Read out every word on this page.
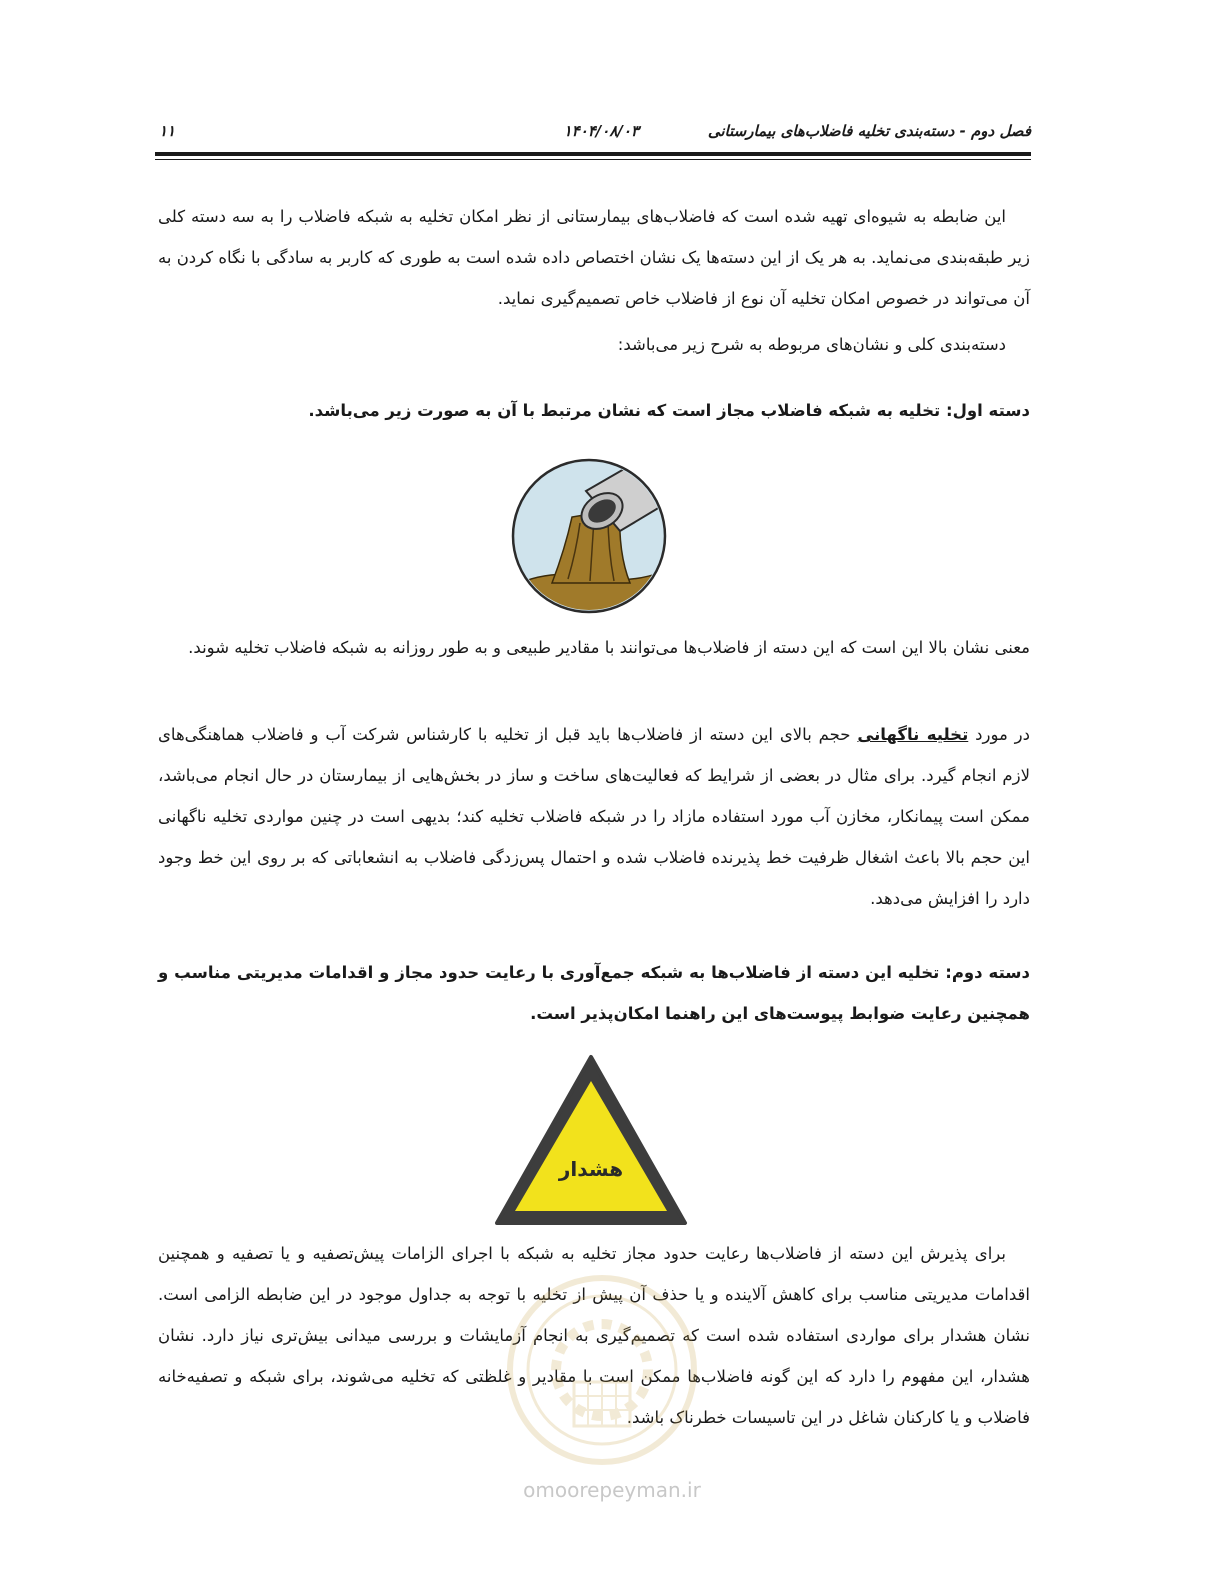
فصل دوم - دسته‌بندی تخلیه فاضلاب‌های بیمارستانی
۱۴۰۴/۰۸/۰۳
۱۱

این ضابطه به شیوه‌ای تهیه شده است که فاضلاب‌های بیمارستانی از نظر امکان تخلیه به شبکه فاضلاب را به سه دسته کلی زیر طبقه‌بندی می‌نماید. به هر یک از این دسته‌ها یک نشان اختصاص داده شده است به طوری که کاربر به سادگی با نگاه کردن به آن می‌تواند در خصوص امکان تخلیه آن نوع از فاضلاب خاص تصمیم‌گیری نماید.

دسته‌بندی کلی و نشان‌های مربوطه به شرح زیر می‌باشد:

دسته اول: تخلیه به شبکه فاضلاب مجاز است که نشان مرتبط با آن به صورت زیر می‌باشد.

معنی نشان بالا این است که این دسته از فاضلاب‌ها می‌توانند با مقادیر طبیعی و به طور روزانه به شبکه فاضلاب تخلیه شوند.

در مورد تخلیه ناگهانی حجم بالای این دسته از فاضلاب‌ها باید قبل از تخلیه با کارشناس شرکت آب و فاضلاب هماهنگی‌های لازم انجام گیرد. برای مثال در بعضی از شرایط که فعالیت‌های ساخت و ساز در بخش‌هایی از بیمارستان در حال انجام می‌باشد، ممکن است پیمانکار، مخازن آب مورد استفاده مازاد را در شبکه فاضلاب تخلیه کند؛ بدیهی است در چنین مواردی تخلیه ناگهانی این حجم بالا باعث اشغال ظرفیت خط پذیرنده فاضلاب شده و احتمال پس‌زدگی فاضلاب به انشعاباتی که بر روی این خط وجود دارد را افزایش می‌دهد.

دسته دوم: تخلیه این دسته از فاضلاب‌ها به شبکه جمع‌آوری با رعایت حدود مجاز و اقدامات مدیریتی مناسب و همچنین رعایت ضوابط پیوست‌های این راهنما امکان‌پذیر است.

هشدار

برای پذیرش این دسته از فاضلاب‌ها رعایت حدود مجاز تخلیه به شبکه با اجرای الزامات پیش‌تصفیه و یا تصفیه و همچنین اقدامات مدیریتی مناسب برای کاهش آلاینده و یا حذف آن پیش از تخلیه با توجه به جداول موجود در این ضابطه الزامی است. نشان هشدار برای مواردی استفاده شده است که تصمیم‌گیری به انجام آزمایشات و بررسی میدانی بیش‌تری نیاز دارد. نشان هشدار، این مفهوم را دارد که این گونه فاضلاب‌ها ممکن است با مقادیر و غلظتی که تخلیه می‌شوند، برای شبکه و تصفیه‌خانه فاضلاب و یا کارکنان شاغل در این تاسیسات خطرناک باشد.

omoorepeyman.ir
